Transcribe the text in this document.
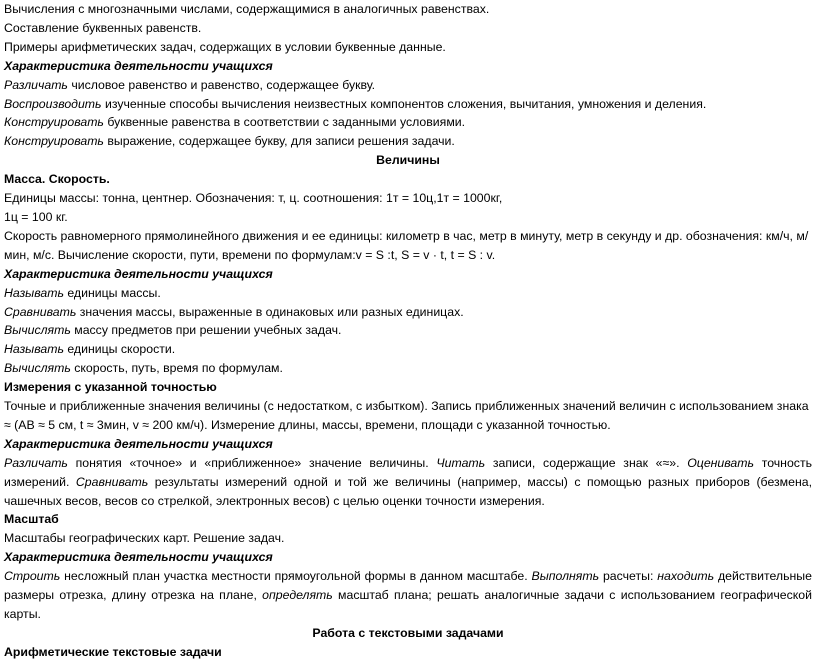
Вычисления с многозначными числами, содержащимися в аналогичных равенствах.
Составление буквенных равенств.
Примеры арифметических задач, содержащих в условии буквенные данные.
Характеристика деятельности учащихся
Различать числовое равенство и равенство, содержащее букву.
Воспроизводить изученные способы вычисления неизвестных компонентов сложения, вычитания, умножения и деления.
Конструировать буквенные равенства в соответствии с заданными условиями.
Конструировать выражение, содержащее букву, для записи решения задачи.
Величины
Масса. Скорость.
Единицы массы: тонна, центнер. Обозначения: т, ц. соотношения: 1т = 10ц,1т = 1000кг,
1ц = 100 кг.
Скорость равномерного прямолинейного движения и ее единицы: километр в час, метр в минуту, метр в секунду и др. обозначения: км/ч, м/мин, м/с. Вычисление скорости, пути, времени по формулам:v = S :t, S = v · t, t = S : v.
Характеристика деятельности учащихся
Называть единицы массы.
Сравнивать значения массы, выраженные в одинаковых или разных единицах.
Вычислять массу предметов при решении учебных задач.
Называть единицы скорости.
Вычислять скорость, путь, время по формулам.
Измерения с указанной точностью
Точные и приближенные значения величины (с недостатком, с избытком). Запись приближенных значений величин с использованием знака ≈ (АВ ≈ 5 см, t ≈ 3мин, v ≈ 200 км/ч). Измерение длины, массы, времени, площади с указанной точностью.
Характеристика деятельности учащихся
Различать понятия «точное» и «приближенное» значение величины. Читать записи, содержащие знак «≈». Оценивать точность измерений. Сравнивать результаты измерений одной и той же величины (например, массы) с помощью разных приборов (безмена, чашечных весов, весов со стрелкой, электронных весов) с целью оценки точности измерения.
Масштаб
Масштабы географических карт. Решение задач.
Характеристика деятельности учащихся
Строить несложный план участка местности прямоугольной формы в данном масштабе. Выполнять расчеты: находить действительные размеры отрезка, длину отрезка на плане, определять масштаб плана; решать аналогичные задачи с использованием географической карты.
Работа с текстовыми задачами
Арифметические текстовые задачи
